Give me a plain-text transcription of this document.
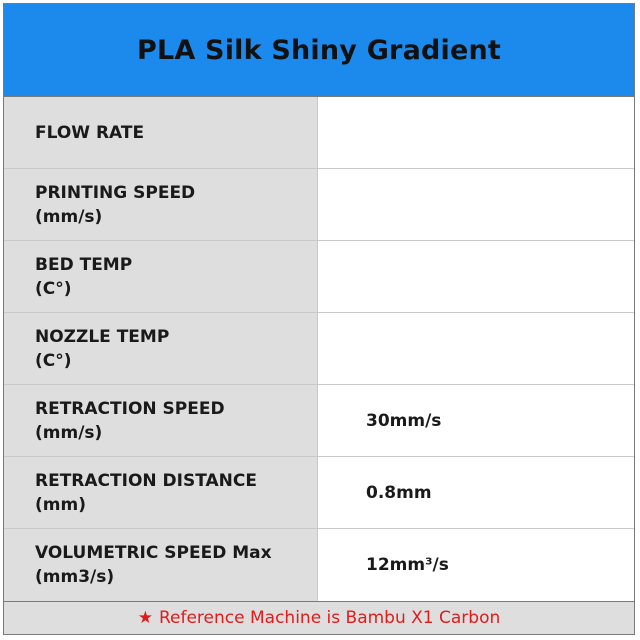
PLA Silk Shiny Gradient
FLOW RATE
PRINTING SPEED
(mm/s)
BED TEMP
(C°)
NOZZLE TEMP
(C°)
RETRACTION SPEED
(mm/s)
30mm/s
RETRACTION DISTANCE
(mm)
0.8mm
VOLUMETRIC SPEED Max
(mm3/s)
12mm³/s
★ Reference Machine is Bambu X1 Carbon
